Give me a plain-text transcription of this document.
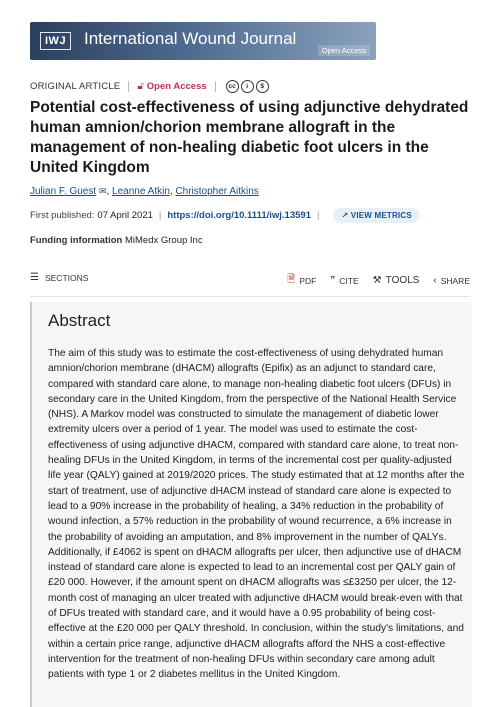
IWJ International Wound Journal
Open Access
ORIGINAL ARTICLE 🔓︎ Open Access	cc	i	$
Potential cost-effectiveness of using adjunctive dehydrated human amnion/chorion membrane allograft in the management of non-healing diabetic foot ulcers in the United Kingdom
Julian F. Guest ✉, Leanne Atkin, Christopher Aitkins
First published: 07 April 2021 | https://doi.org/10.1111/iwj.13591 |	↗ VIEW METRICS
Funding information MiMedx Group Inc
☰ SECTIONS	🗎︎ PDF ” CITE ⚒ TOOLS ‹ SHARE
Abstract

The aim of this study was to estimate the cost-effectiveness of using dehydrated human amnion/chorion membrane (dHACM) allografts (Epifix) as an adjunct to standard care, compared with standard care alone, to manage non-healing diabetic foot ulcers (DFUs) in secondary care in the United Kingdom, from the perspective of the National Health Service (NHS). A Markov model was constructed to simulate the management of diabetic lower extremity ulcers over a period of 1 year. The model was used to estimate the cost-effectiveness of using adjunctive dHACM, compared with standard care alone, to treat non-healing DFUs in the United Kingdom, in terms of the incremental cost per quality-adjusted life year (QALY) gained at 2019/2020 prices. The study estimated that at 12 months after the start of treatment, use of adjunctive dHACM instead of standard care alone is expected to lead to a 90% increase in the probability of healing, a 34% reduction in the probability of wound infection, a 57% reduction in the probability of wound recurrence, a 6% increase in the probability of avoiding an amputation, and 8% improvement in the number of QALYs. Additionally, if £4062 is spent on dHACM allografts per ulcer, then adjunctive use of dHACM instead of standard care alone is expected to lead to an incremental cost per QALY gain of £20 000. However, if the amount spent on dHACM allografts was ≤£3250 per ulcer, the 12-month cost of managing an ulcer treated with adjunctive dHACM would break-even with that of DFUs treated with standard care, and it would have a 0.95 probability of being cost-effective at the £20 000 per QALY threshold. In conclusion, within the study's limitations, and within a certain price range, adjunctive dHACM allografts afford the NHS a cost-effective intervention for the treatment of non-healing DFUs within secondary care among adult patients with type 1 or 2 diabetes mellitus in the United Kingdom.
